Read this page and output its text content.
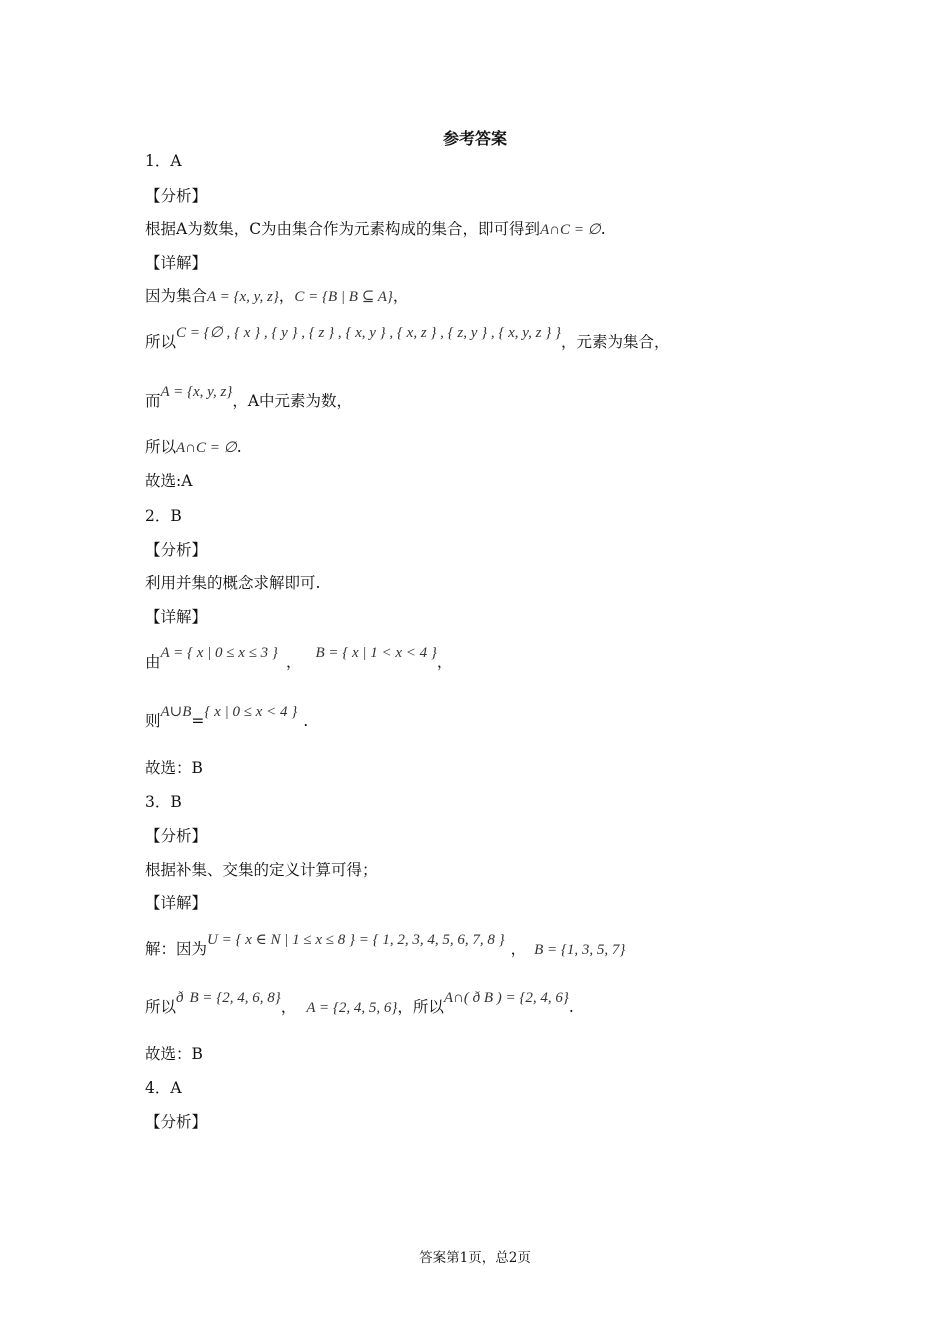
参考答案
1．A
【分析】
根据A为数集，C为由集合作为元素构成的集合，即可得到A∩C = ∅.
【详解】
因为集合A = {x, y, z}，C = {B | B ⊆ A}，
所以C = {∅ , { x } , { y } , { z } , { x, y } , { x, z } , { z, y } , { x, y, z } }，元素为集合，
而A = {x, y, z}，A中元素为数，
所以A∩C = ∅.
故选:A
2．B
【分析】
利用并集的概念求解即可.
【详解】
由A = { x | 0 ≤ x ≤ 3 } ， B = { x | 1 < x < 4 }，
则A∪B={ x | 0 ≤ x < 4 } .
故选：B
3．B
【分析】
根据补集、交集的定义计算可得；
【详解】
解：因为U = { x ∈ N | 1 ≤ x ≤ 8 } = { 1, 2, 3, 4, 5, 6, 7, 8 } ， B = {1, 3, 5, 7}
所以ð B = {2, 4, 6, 8}， A = {2, 4, 5, 6}，所以A∩( ð B ) = {2, 4, 6}.
故选：B
4．A
【分析】
答案第1页，总2页
